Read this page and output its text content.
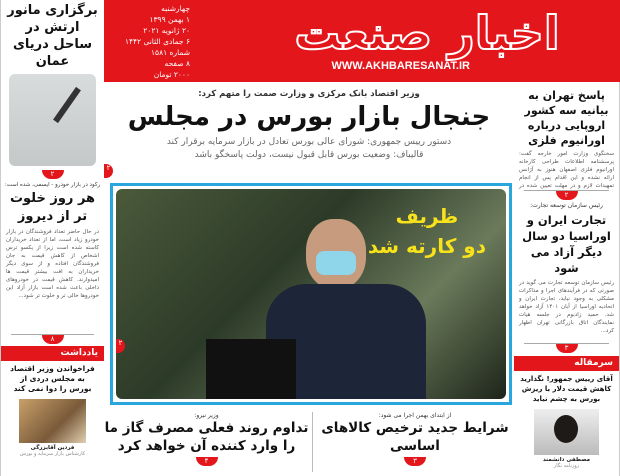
اخبار صنعت
WWW.AKHBARESANAT.IR
چهارشنبه
۱ بهمن ۱۳۹۹
۲۰ ژانویه ۲۰۲۱
۶ جمادی الثانی ۱۴۴۲
شماره ۱۵۸۱
۸ صفحه
۲۰۰۰ تومان
برگزاری مانور ارتش در ساحل دریای عمان
۲
رکود در بازار خودرو - ایسمی، شده است:
هر روز خلوت تر از دیروز
در حال حاضر تعداد فروشندگان در بازار خودرو زیاد است، اما از تعداد خریداران کاسته شده است زیرا از یکسو ترس اشخاص از کاهش قیمت به جان فروشندگان افتاده و از سوی دیگر خریداران به افت بیشتر قیمت ها امیدوارند. کاهش قیمت در خودروهای داخلی باعث شده است بازار آزاد این خودروها خالی تر و خلوت تر شود...
۸
یادداشت
فراخواندن وزیر اقتصاد به مجلس دردی از بورس را دوا نمی کند
فردین آقابزرگی
کارشناس بازار سرمایه و بورس
وزیر اقتصاد بانک مرکزی و وزارت صمت را متهم کرد:
جنجال بازار بورس در مجلس
دستور رییس جمهوری: شورای عالی بورس تعادل در بازار سرمایه برقرار کند
قالیباف: وضعیت بورس قابل قبول نیست، دولت پاسخگو باشد
۲
ظریف
دو کارته شد
۲
وزیر نیرو:
تداوم روند فعلی مصرف گاز ما را وارد کننده آن خواهد کرد
۴
از ابتدای بهمن اجرا می شود:
شرایط جدید ترخیص کالاهای اساسی
۳
پاسخ تهران به بیانیه سه کشور اروپایی درباره اورانیوم فلزی
سخنگوی وزارت امور خارجه گفت: پرسشنامه اطلاعات طراحی کارخانه اورانیوم فلزی اصفهان هنوز به آژانس ارائه نشده و این اقدام پس از انجام تمهیدات لازم و در مهلت تعیین شده در
۲
رئیس سازمان توسعه تجارت:
تجارت ایران و اوراسیا دو سال دیگر آزاد می شود
رئیس سازمان توسعه تجارت می گوید در صورتی که در فرآیندهای اجرا و مذاکرات مشکلی به وجود نیاید، تجارت ایران و اتحادیه اوراسیا از آبان ۱۴۰۱ آزاد خواهد شد. حمید زادبوم در جلسه هیات نمایندگان اتاق بازرگانی تهران اظهار کرد...
۳
سرمقاله
آقای رییس جمهور! نگذارید کاهش قیمت دلار با ریزش بورس به چشم نیاید
مصطفی دانشمند
روزنامه نگار
